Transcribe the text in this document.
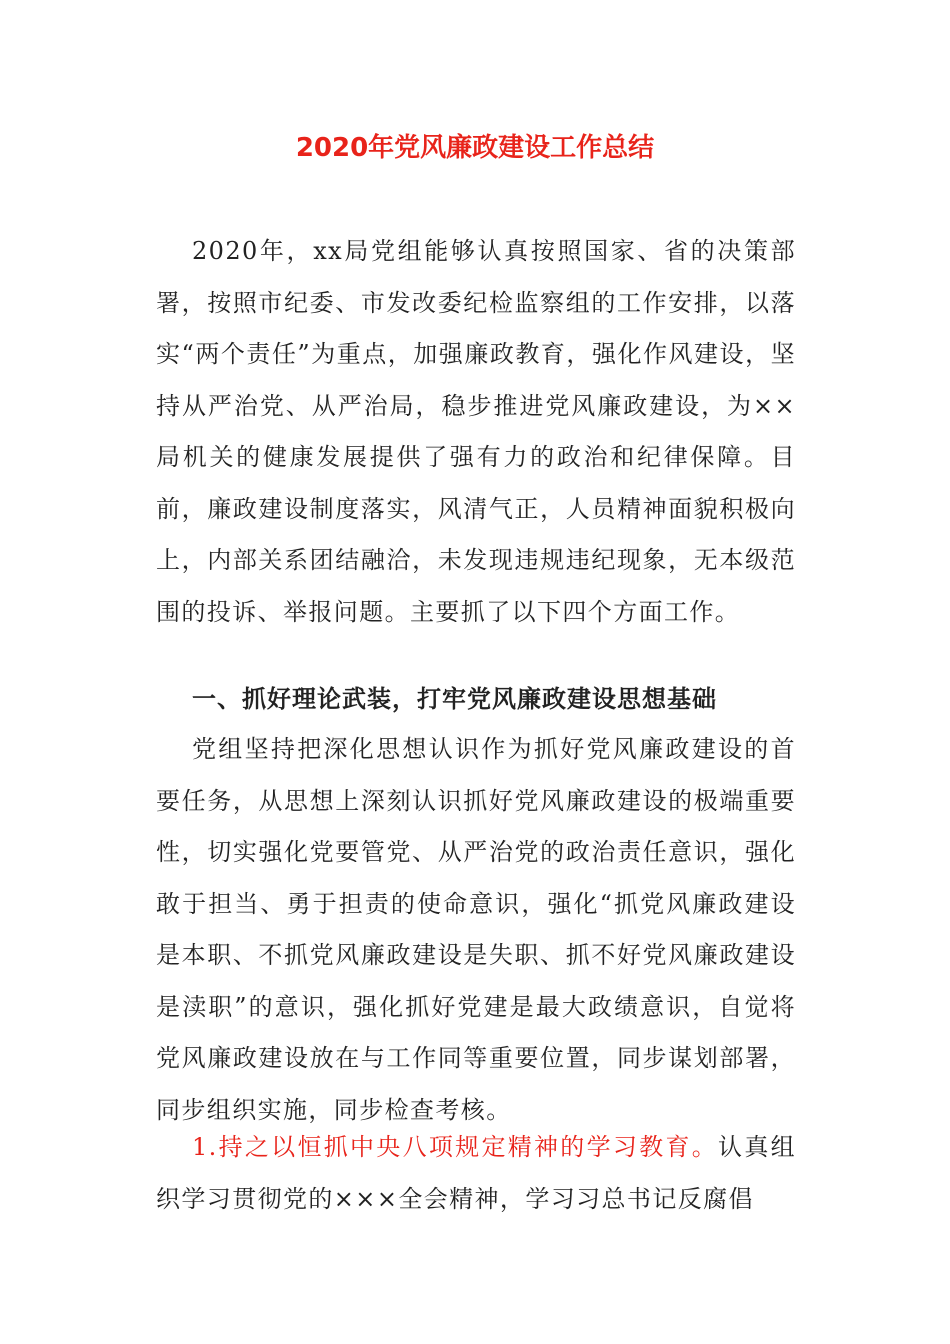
2020年党风廉政建设工作总结

2020年，xx局党组能够认真按照国家、省的决策部署，按照市纪委、市发改委纪检监察组的工作安排，以落实“两个责任”为重点，加强廉政教育，强化作风建设，坚持从严治党、从严治局，稳步推进党风廉政建设，为××局机关的健康发展提供了强有力的政治和纪律保障。目前，廉政建设制度落实，风清气正，人员精神面貌积极向上，内部关系团结融洽，未发现违规违纪现象，无本级范围的投诉、举报问题。主要抓了以下四个方面工作。

一、抓好理论武装，打牢党风廉政建设思想基础

党组坚持把深化思想认识作为抓好党风廉政建设的首要任务，从思想上深刻认识抓好党风廉政建设的极端重要性，切实强化党要管党、从严治党的政治责任意识，强化敢于担当、勇于担责的使命意识，强化“抓党风廉政建设是本职、不抓党风廉政建设是失职、抓不好党风廉政建设是渎职”的意识，强化抓好党建是最大政绩意识，自觉将党风廉政建设放在与工作同等重要位置，同步谋划部署，同步组织实施，同步检查考核。

1.持之以恒抓中央八项规定精神的学习教育。认真组织学习贯彻党的×××全会精神，学习习总书记反腐倡
